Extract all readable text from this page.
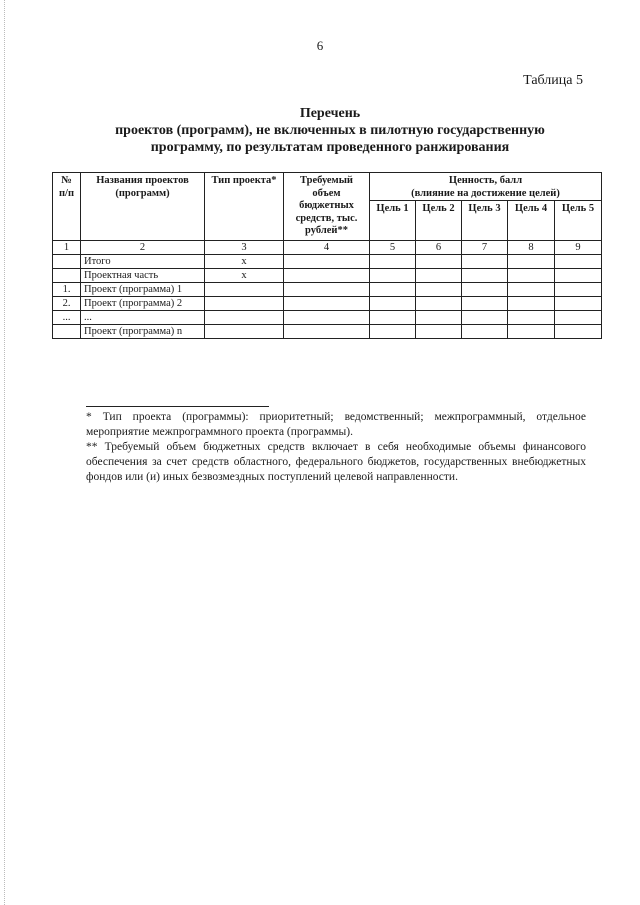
6
Таблица 5
Перечень
проектов (программ), не включенных в пилотную государственную
программу, по результатам проведенного ранжирования
№ п/п	Названия проектов (программ)	Тип проекта*	Требуемый объем бюджетных средств, тыс. рублей**	Ценность, балл
(влияние на достижение целей)				

				Цель 1	Цель 2	Цель 3	Цель 4	Цель 5
1	2	3	4	5	6	7	8	9
	Итого	х						
	Проектная часть	х						
1.	Проект (программа) 1							
2.	Проект (программа) 2							
...	...							
	Проект (программа) n							

* Тип проекта (программы): приоритетный; ведомственный; межпрограммный, отдельное мероприятие межпрограммного проекта (программы).

** Требуемый объем бюджетных средств включает в себя необходимые объемы финансового обеспечения за счет средств областного, федерального бюджетов, государственных внебюджетных фондов или (и) иных безвозмездных поступлений целевой направленности.
